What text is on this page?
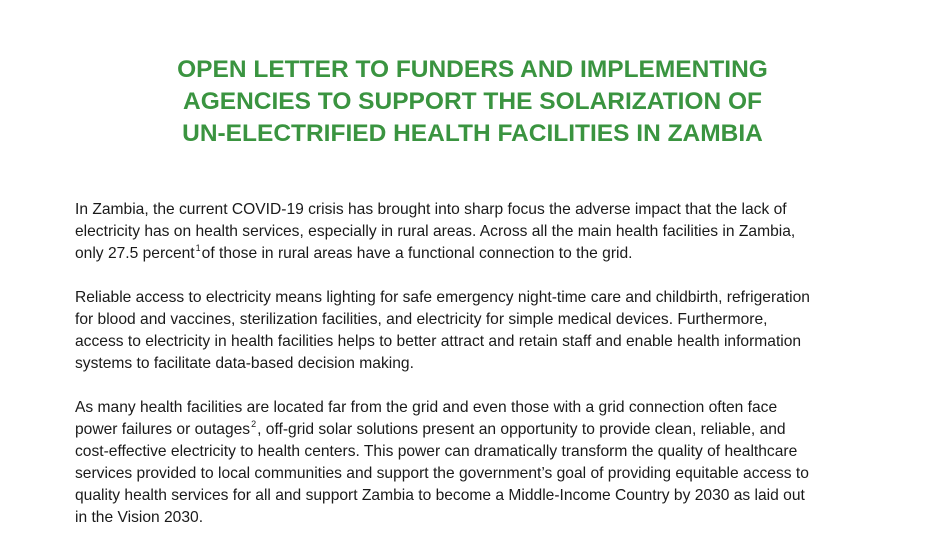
OPEN LETTER TO FUNDERS AND IMPLEMENTING
AGENCIES TO SUPPORT THE SOLARIZATION OF
UN-ELECTRIFIED HEALTH FACILITIES IN ZAMBIA
In Zambia, the current COVID-19 crisis has brought into sharp focus the adverse impact that the lack of
electricity has on health services, especially in rural areas. Across all the main health facilities in Zambia,
only 27.5 percent$^1$of those in rural areas have a functional connection to the grid.
Reliable access to electricity means lighting for safe emergency night-time care and childbirth, refrigeration
for blood and vaccines, sterilization facilities, and electricity for simple medical devices. Furthermore,
access to electricity in health facilities helps to better attract and retain staff and enable health information
systems to facilitate data-based decision making.
As many health facilities are located far from the grid and even those with a grid connection often face
power failures or outages$^2$, off-grid solar solutions present an opportunity to provide clean, reliable, and
cost-effective electricity to health centers. This power can dramatically transform the quality of healthcare
services provided to local communities and support the government’s goal of providing equitable access to
quality health services for all and support Zambia to become a Middle-Income Country by 2030 as laid out
in the Vision 2030.
